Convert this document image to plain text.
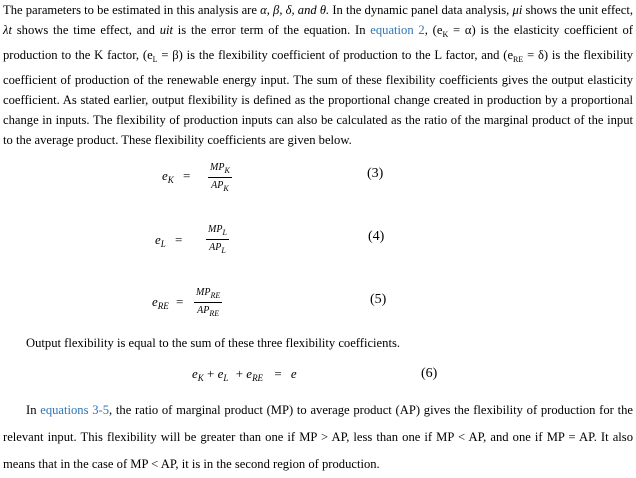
The parameters to be estimated in this analysis are α, β, δ, and θ. In the dynamic panel data analysis, μi shows the unit effect, λt shows the time effect, and uit is the error term of the equation. In equation 2, $(e_K = \alpha)$ is the elasticity coefficient of production to the K factor, $(e_L = \beta)$ is the flexibility coefficient of production to the L factor, and $(e_{RE} = \delta)$ is the flexibility coefficient of production of the renewable energy input. The sum of these flexibility coefficients gives the output elasticity coefficient. As stated earlier, output flexibility is defined as the proportional change created in production by a proportional change in inputs. The flexibility of production inputs can also be calculated as the ratio of the marginal product of the input to the average product. These flexibility coefficients are given below.

$e_K$ =
$MP_K$
$AP_K$
(3)
$e_L$ =
$MP_L$
$AP_L$
(4)
$e_{RE}$ =
$MP_{RE}$
$AP_{RE}$
(5)

Output flexibility is equal to the sum of these three flexibility coefficients.

$e_K + e_L + e_{RE} = e$	(6)

In equations 3-5, the ratio of marginal product (MP) to average product (AP) gives the flexibility of production for the relevant input. This flexibility will be greater than one if MP > AP, less than one if MP < AP, and one if MP = AP. It also means that in the case of MP < AP, it is in the second region of production.
